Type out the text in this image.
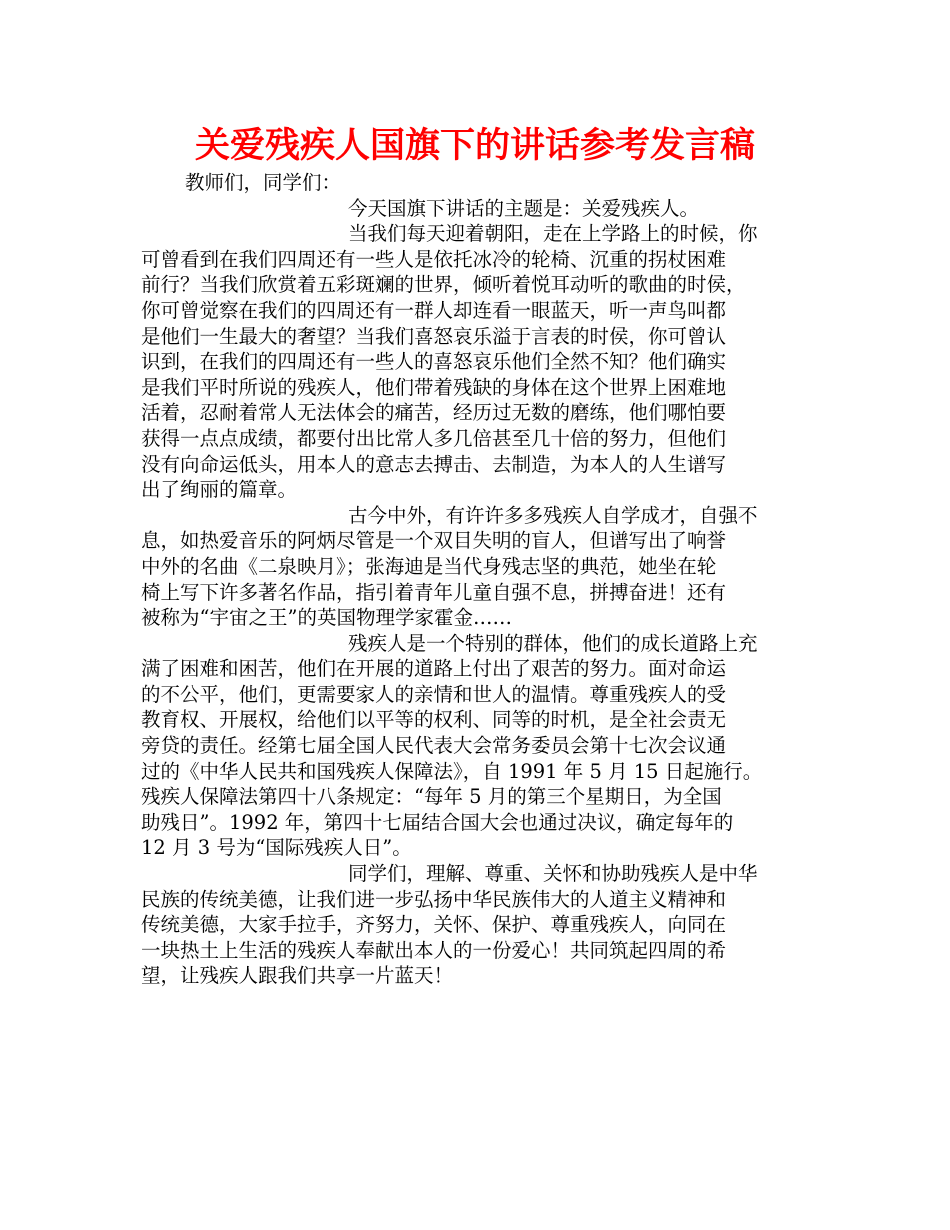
关爱残疾人国旗下的讲话参考发言稿
教师们，同学们：
今天国旗下讲话的主题是：关爱残疾人。
当我们每天迎着朝阳，走在上学路上的时候，你
可曾看到在我们四周还有一些人是依托冰冷的轮椅、沉重的拐杖困难
前行？当我们欣赏着五彩斑斓的世界，倾听着悦耳动听的歌曲的时侯，
你可曾觉察在我们的四周还有一群人却连看一眼蓝天，听一声鸟叫都
是他们一生最大的奢望？当我们喜怒哀乐溢于言表的时侯，你可曾认
识到，在我们的四周还有一些人的喜怒哀乐他们全然不知？他们确实
是我们平时所说的残疾人，他们带着残缺的身体在这个世界上困难地
活着，忍耐着常人无法体会的痛苦，经历过无数的磨练，他们哪怕要
获得一点点成绩，都要付出比常人多几倍甚至几十倍的努力，但他们
没有向命运低头，用本人的意志去搏击、去制造，为本人的人生谱写
出了绚丽的篇章。
古今中外，有许许多多残疾人自学成才，自强不
息，如热爱音乐的阿炳尽管是一个双目失明的盲人，但谱写出了响誉
中外的名曲《二泉映月》；张海迪是当代身残志坚的典范，她坐在轮
椅上写下许多著名作品，指引着青年儿童自强不息，拼搏奋进！还有
被称为“宇宙之王”的英国物理学家霍金……
残疾人是一个特别的群体，他们的成长道路上充
满了困难和困苦，他们在开展的道路上付出了艰苦的努力。面对命运
的不公平，他们，更需要家人的亲情和世人的温情。尊重残疾人的受
教育权、开展权，给他们以平等的权利、同等的时机，是全社会责无
旁贷的责任。经第七届全国人民代表大会常务委员会第十七次会议通
过的《中华人民共和国残疾人保障法》，自 1991 年 5 月 15 日起施行。
残疾人保障法第四十八条规定：“每年 5 月的第三个星期日，为全国
助残日”。1992 年，第四十七届结合国大会也通过决议，确定每年的
12 月 3 号为“国际残疾人日”。
同学们，理解、尊重、关怀和协助残疾人是中华
民族的传统美德，让我们进一步弘扬中华民族伟大的人道主义精神和
传统美德，大家手拉手，齐努力，关怀、保护、尊重残疾人，向同在
一块热土上生活的残疾人奉献出本人的一份爱心！共同筑起四周的希
望，让残疾人跟我们共享一片蓝天！
